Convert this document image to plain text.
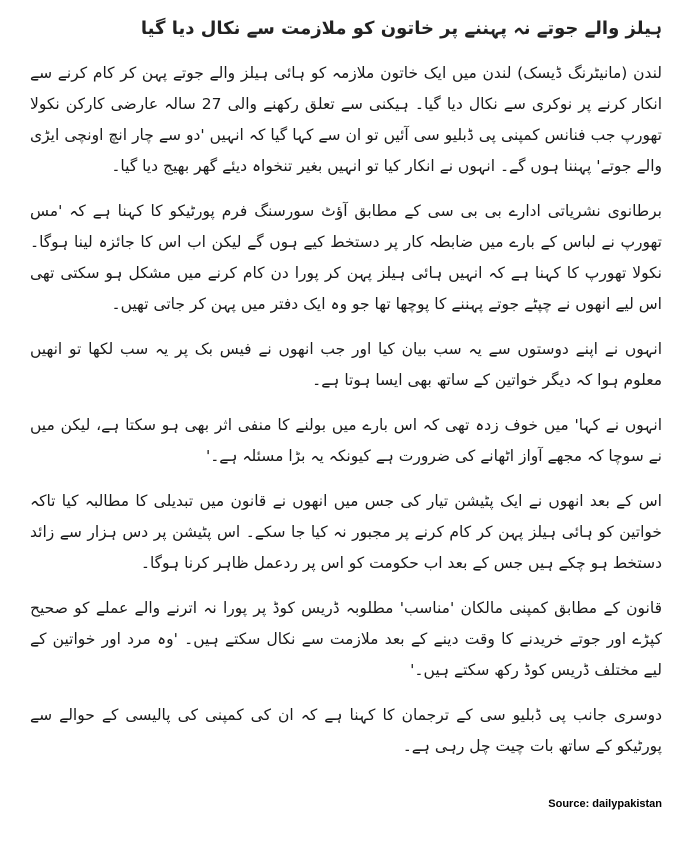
ہیلز والے جوتے نہ پہننے پر خاتون کو ملازمت سے نکال دیا گیا

لندن (مانیٹرنگ ڈیسک) لندن میں ایک خاتون ملازمہ کو ہائی ہیلز والے جوتے پہن کر کام کرنے سے انکار کرنے پر نوکری سے نکال دیا گیا۔ ہیکنی سے تعلق رکھنے والی 27 سالہ عارضی کارکن نکولا تھورپ جب فنانس کمپنی پی ڈبلیو سی آئیں تو ان سے کہا گیا کہ انہیں 'دو سے چار انچ اونچی ایڑی والے جوتے' پہننا ہوں گے۔ انہوں نے انکار کیا تو انہیں بغیر تنخواہ دیئے گھر بھیج دیا گیا۔

برطانوی نشریاتی ادارے بی بی سی کے مطابق آؤٹ سورسنگ فرم پورٹیکو کا کہنا ہے کہ 'مس تھورپ نے لباس کے بارے میں ضابطہ کار پر دستخط کیے ہوں گے لیکن اب اس کا جائزہ لینا ہوگا۔ نکولا تھورپ کا کہنا ہے کہ انہیں ہائی ہیلز پہن کر پورا دن کام کرنے میں مشکل ہو سکتی تھی اس لیے انھوں نے چپٹے جوتے پہننے کا پوچھا تھا جو وہ ایک دفتر میں پہن کر جاتی تھیں۔

انہوں نے اپنے دوستوں سے یہ سب بیان کیا اور جب انھوں نے فیس بک پر یہ سب لکھا تو انھیں معلوم ہوا کہ دیگر خواتین کے ساتھ بھی ایسا ہوتا ہے۔

انہوں نے کہا' میں خوف زدہ تھی کہ اس بارے میں بولنے کا منفی اثر بھی ہو سکتا ہے، لیکن میں نے سوچا کہ مجھے آواز اٹھانے کی ضرورت ہے کیونکہ یہ بڑا مسئلہ ہے۔'

اس کے بعد انھوں نے ایک پٹیشن تیار کی جس میں انھوں نے قانون میں تبدیلی کا مطالبہ کیا تاکہ خواتین کو ہائی ہیلز پہن کر کام کرنے پر مجبور نہ کیا جا سکے۔ اس پٹیشن پر دس ہزار سے زائد دستخط ہو چکے ہیں جس کے بعد اب حکومت کو اس پر ردعمل ظاہر کرنا ہوگا۔

قانون کے مطابق کمپنی مالکان 'مناسب' مطلوبہ ڈریس کوڈ پر پورا نہ اترنے والے عملے کو صحیح کپڑے اور جوتے خریدنے کا وقت دینے کے بعد ملازمت سے نکال سکتے ہیں۔ 'وہ مرد اور خواتین کے لیے مختلف ڈریس کوڈ رکھ سکتے ہیں۔'

دوسری جانب پی ڈبلیو سی کے ترجمان کا کہنا ہے کہ ان کی کمپنی کی پالیسی کے حوالے سے پورٹیکو کے ساتھ بات چیت چل رہی ہے۔

Source: dailypakistan
